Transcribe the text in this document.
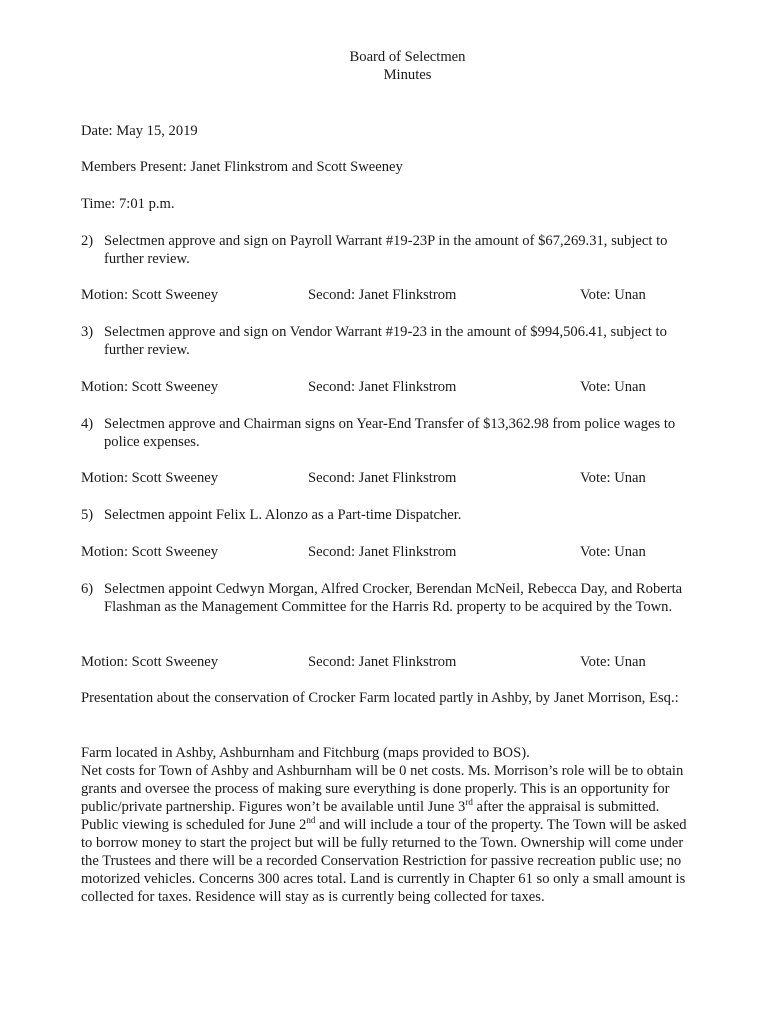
Board of Selectmen
Minutes
Date: May 15, 2019
Members Present: Janet Flinkstrom and Scott Sweeney
Time: 7:01 p.m.
2) Selectmen approve and sign on Payroll Warrant #19-23P in the amount of $67,269.31, subject to further review.
Motion: Scott Sweeney	Second: Janet Flinkstrom	Vote: Unan
3) Selectmen approve and sign on Vendor Warrant #19-23 in the amount of $994,506.41, subject to further review.
Motion: Scott Sweeney	Second: Janet Flinkstrom	Vote: Unan
4) Selectmen approve and Chairman signs on Year-End Transfer of $13,362.98 from police wages to police expenses.
Motion: Scott Sweeney	Second: Janet Flinkstrom	Vote: Unan
5) Selectmen appoint Felix L. Alonzo as a Part-time Dispatcher.
Motion: Scott Sweeney	Second: Janet Flinkstrom	Vote: Unan
6) Selectmen appoint Cedwyn Morgan, Alfred Crocker, Berendan McNeil, Rebecca Day, and Roberta Flashman as the Management Committee for the Harris Rd. property to be acquired by the Town.
Motion: Scott Sweeney	Second: Janet Flinkstrom	Vote: Unan
Presentation about the conservation of Crocker Farm located partly in Ashby, by Janet Morrison, Esq.:
Farm located in Ashby, Ashburnham and Fitchburg (maps provided to BOS).
Net costs for Town of Ashby and Ashburnham will be 0 net costs. Ms. Morrison’s role will be to obtain grants and oversee the process of making sure everything is done properly. This is an opportunity for public/private partnership. Figures won’t be available until June 3rd after the appraisal is submitted. Public viewing is scheduled for June 2nd and will include a tour of the property. The Town will be asked to borrow money to start the project but will be fully returned to the Town. Ownership will come under the Trustees and there will be a recorded Conservation Restriction for passive recreation public use; no motorized vehicles. Concerns 300 acres total. Land is currently in Chapter 61 so only a small amount is collected for taxes. Residence will stay as is currently being collected for taxes.
